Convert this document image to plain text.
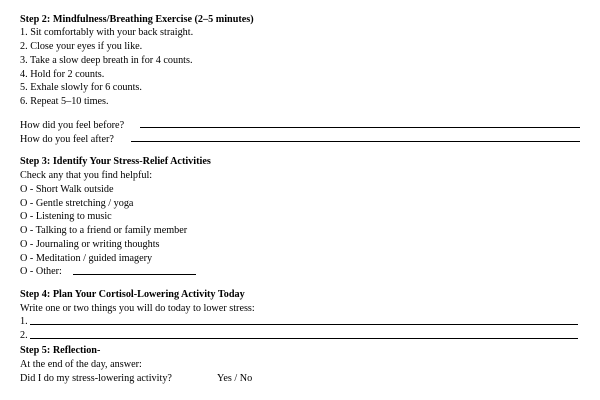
Step 2: Mindfulness/Breathing Exercise (2–5 minutes)
1. Sit comfortably with your back straight.
2. Close your eyes if you like.
3. Take a slow deep breath in for 4 counts.
4. Hold for 2 counts.
5. Exhale slowly for 6 counts.
6. Repeat 5–10 times.
How did you feel before?
How do you feel after?
Step 3: Identify Your Stress-Relief Activities
Check any that you find helpful:
O - Short Walk outside
O - Gentle stretching / yoga
O - Listening to music
O - Talking to a friend or family member
O - Journaling or writing thoughts
O - Meditation / guided imagery
O - Other:
Step 4: Plan Your Cortisol-Lowering Activity Today
Write one or two things you will do today to lower stress:
1.
2.
Step 5: Reflection-
At the end of the day, answer:
Did I do my stress-lowering activity?	Yes / No
